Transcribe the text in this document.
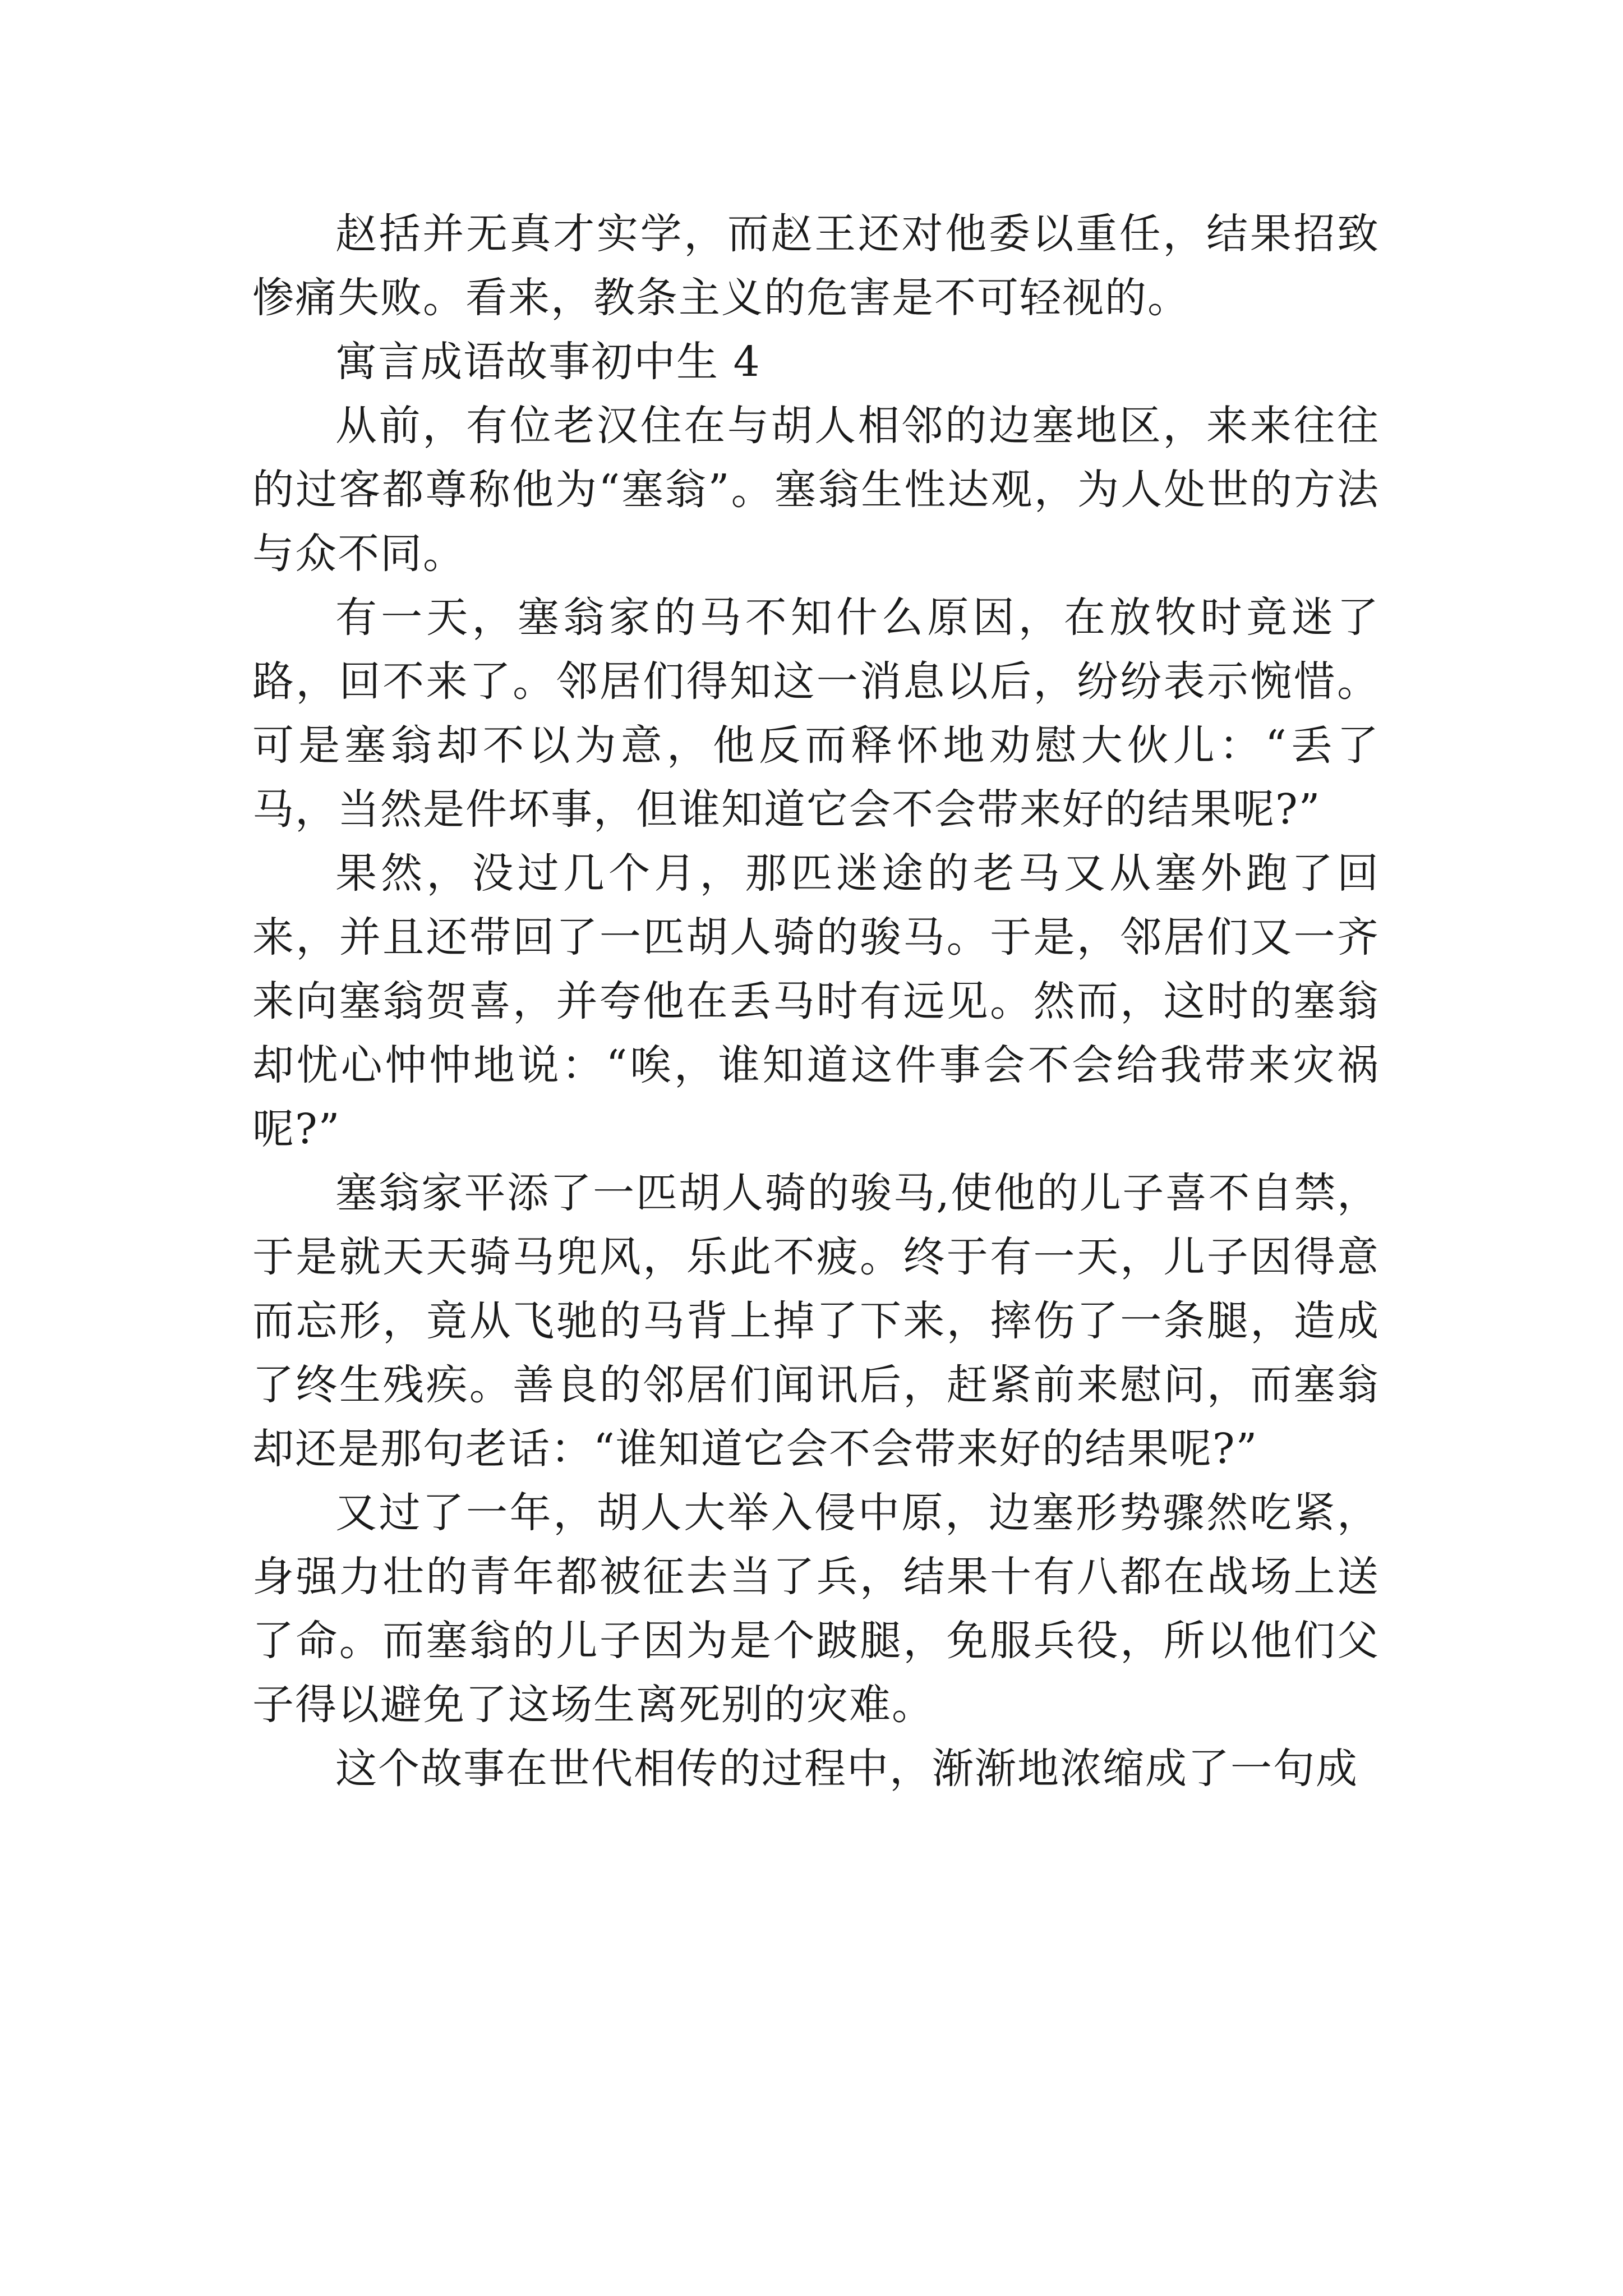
赵括并无真才实学，而赵王还对他委以重任，结果招致惨痛失败。看来，教条主义的危害是不可轻视的。

寓言成语故事初中生 4

从前，有位老汉住在与胡人相邻的边塞地区，来来往往的过客都尊称他为“塞翁”。塞翁生性达观，为人处世的方法与众不同。

有一天，塞翁家的马不知什么原因，在放牧时竟迷了路，回不来了。邻居们得知这一消息以后，纷纷表示惋惜。可是塞翁却不以为意，他反而释怀地劝慰大伙儿：“丢了马，当然是件坏事，但谁知道它会不会带来好的结果呢?”

果然，没过几个月，那匹迷途的老马又从塞外跑了回来，并且还带回了一匹胡人骑的骏马。于是，邻居们又一齐来向塞翁贺喜，并夸他在丢马时有远见。然而，这时的塞翁却忧心忡忡地说：“唉，谁知道这件事会不会给我带来灾祸呢?”

塞翁家平添了一匹胡人骑的骏马,使他的儿子喜不自禁，于是就天天骑马兜风，乐此不疲。终于有一天，儿子因得意而忘形，竟从飞驰的马背上掉了下来，摔伤了一条腿，造成了终生残疾。善良的邻居们闻讯后，赶紧前来慰问，而塞翁却还是那句老话：“谁知道它会不会带来好的结果呢?”

又过了一年，胡人大举入侵中原，边塞形势骤然吃紧，身强力壮的青年都被征去当了兵，结果十有八都在战场上送了命。而塞翁的儿子因为是个跛腿，免服兵役，所以他们父子得以避免了这场生离死别的灾难。

这个故事在世代相传的过程中，渐渐地浓缩成了一句成
